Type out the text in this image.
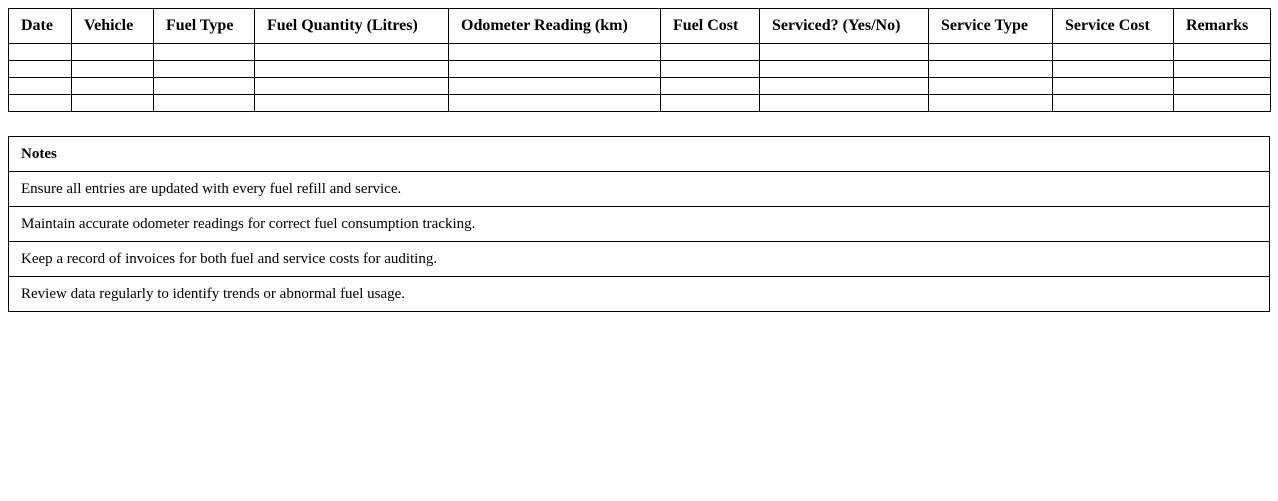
Date	Vehicle	Fuel Type	Fuel Quantity (Litres)	Odometer Reading (km)	Fuel Cost	Serviced? (Yes/No)	Service Type	Service Cost	Remarks

Notes
Ensure all entries are updated with every fuel refill and service.
Maintain accurate odometer readings for correct fuel consumption tracking.
Keep a record of invoices for both fuel and service costs for auditing.
Review data regularly to identify trends or abnormal fuel usage.
